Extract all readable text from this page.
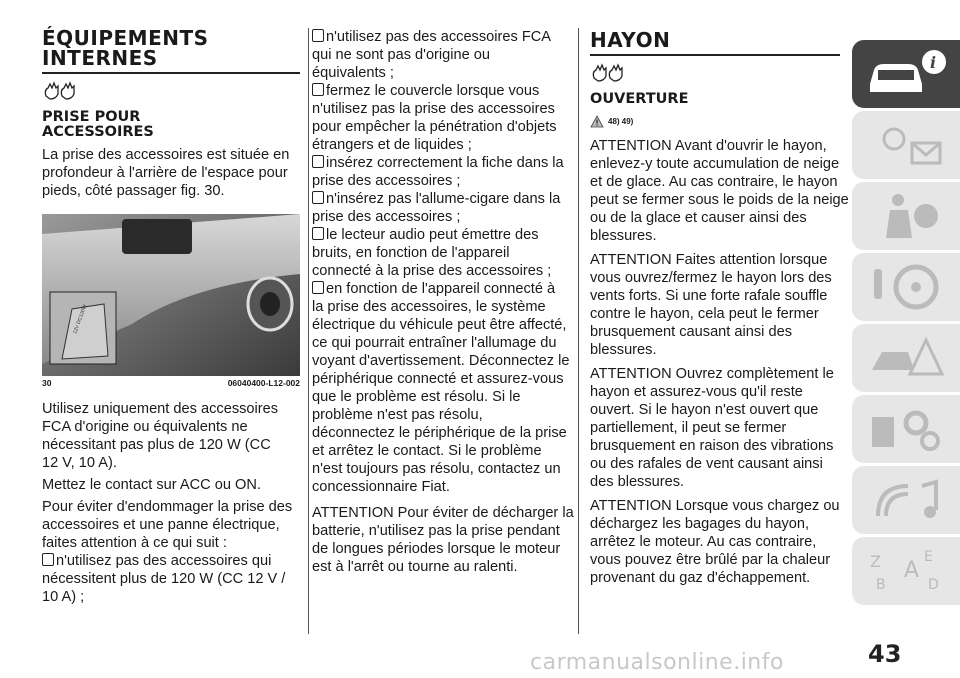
ÉQUIPEMENTS
INTERNES
PRISE POUR
ACCESSOIRES
La prise des accessoires est située en
profondeur à l'arrière de l'espace pour
pieds, côté passager fig. 30.
12V DC120W
30	06040400-L12-002
Utilisez uniquement des accessoires
FCA d'origine ou équivalents ne
nécessitant pas plus de 120 W (CC
12 V, 10 A).
Mettez le contact sur ACC ou ON.
Pour éviter d'endommager la prise des
accessoires et une panne électrique,
faites attention à ce qui suit :
n'utilisez pas des accessoires qui
nécessitent plus de 120 W (CC 12 V /
10 A) ;
n'utilisez pas des accessoires FCA
qui ne sont pas d'origine ou
équivalents ;
fermez le couvercle lorsque vous
n'utilisez pas la prise des accessoires
pour empêcher la pénétration d'objets
étrangers et de liquides ;
insérez correctement la fiche dans la
prise des accessoires ;
n'insérez pas l'allume-cigare dans la
prise des accessoires ;
le lecteur audio peut émettre des
bruits, en fonction de l'appareil
connecté à la prise des accessoires ;
en fonction de l'appareil connecté à
la prise des accessoires, le système
électrique du véhicule peut être affecté,
ce qui pourrait entraîner l'allumage du
voyant d'avertissement. Déconnectez le
périphérique connecté et assurez-vous
que le problème est résolu. Si le
problème n'est pas résolu,
déconnectez le périphérique de la prise
et arrêtez le contact. Si le problème
n'est toujours pas résolu, contactez un
concessionnaire Fiat.
ATTENTION Pour éviter de décharger la
batterie, n'utilisez pas la prise pendant
de longues périodes lorsque le moteur
est à l'arrêt ou tourne au ralenti.
HAYON
OUVERTURE
48) 49)
ATTENTION Avant d'ouvrir le hayon,
enlevez-y toute accumulation de neige
et de glace. Au cas contraire, le hayon
peut se fermer sous le poids de la neige
ou de la glace et causer ainsi des
blessures.
ATTENTION Faites attention lorsque
vous ouvrez/fermez le hayon lors des
vents forts. Si une forte rafale souffle
contre le hayon, cela peut le fermer
brusquement causant ainsi des
blessures.
ATTENTION Ouvrez complètement le
hayon et assurez-vous qu'il reste
ouvert. Si le hayon n'est ouvert que
partiellement, il peut se fermer
brusquement en raison des vibrations
ou des rafales de vent causant ainsi
des blessures.
ATTENTION Lorsque vous chargez ou
déchargez les bagages du hayon,
arrêtez le moteur. Au cas contraire,
vous pouvez être brûlé par la chaleur
provenant du gaz d'échappement.
i
Z	E
A
B	D
carmanualsonline.info	43
